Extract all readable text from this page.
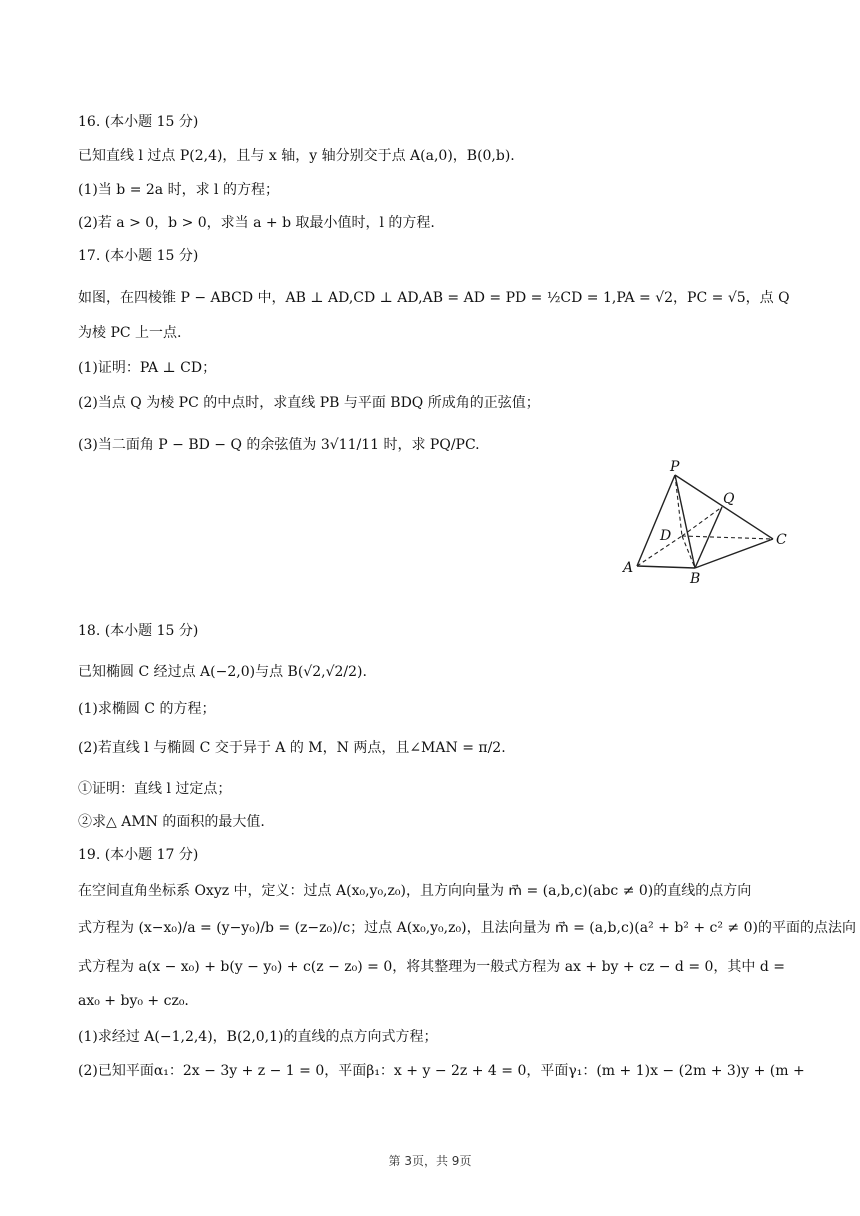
16. (本小题 15 分)
已知直线 l 过点 P(2,4)，且与 x 轴，y 轴分别交于点 A(a,0)，B(0,b).
(1)当 b = 2a 时，求 l 的方程；
(2)若 a > 0，b > 0，求当 a + b 取最小值时，l 的方程.
17. (本小题 15 分)
如图，在四棱锥 P − ABCD 中，AB ⊥ AD,CD ⊥ AD,AB = AD = PD = ½CD = 1,PA = √2，PC = √5，点 Q
为棱 PC 上一点.
(1)证明：PA ⊥ CD；
(2)当点 Q 为棱 PC 的中点时，求直线 PB 与平面 BDQ 所成角的正弦值；
(3)当二面角 P − BD − Q 的余弦值为 3√11/11 时，求 PQ/PC.
P
Q
D	C
A
B
18. (本小题 15 分)
已知椭圆 C 经过点 A(−2,0)与点 B(√2,√2/2).
(1)求椭圆 C 的方程；
(2)若直线 l 与椭圆 C 交于异于 A 的 M，N 两点，且∠MAN = π/2.
①证明：直线 l 过定点；
②求△ AMN 的面积的最大值.
19. (本小题 17 分)
在空间直角坐标系 Oxyz 中，定义：过点 A(x₀,y₀,z₀)，且方向向量为 m⃗ = (a,b,c)(abc ≠ 0)的直线的点方向
式方程为 (x−x₀)/a = (y−y₀)/b = (z−z₀)/c；过点 A(x₀,y₀,z₀)，且法向量为 m⃗ = (a,b,c)(a² + b² + c² ≠ 0)的平面的点法向
式方程为 a(x − x₀) + b(y − y₀) + c(z − z₀) = 0，将其整理为一般式方程为 ax + by + cz − d = 0，其中 d =
ax₀ + by₀ + cz₀.
(1)求经过 A(−1,2,4)，B(2,0,1)的直线的点方向式方程；
(2)已知平面α₁：2x − 3y + z − 1 = 0，平面β₁：x + y − 2z + 4 = 0，平面γ₁：(m + 1)x − (2m + 3)y + (m +
第 3页，共 9页
